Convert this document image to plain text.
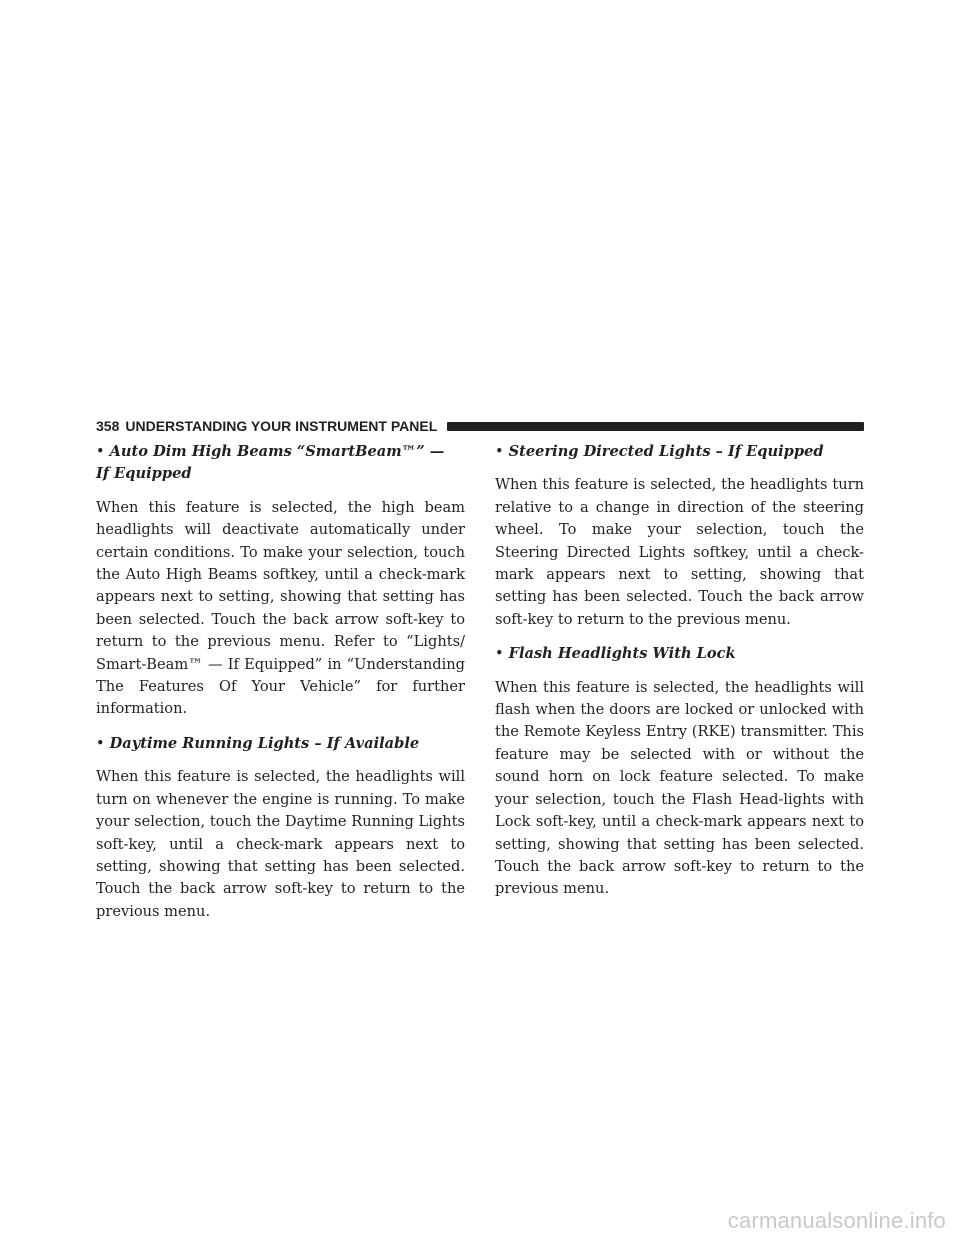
358 UNDERSTANDING YOUR INSTRUMENT PANEL
• Auto Dim High Beams “SmartBeam™” —
If Equipped

When this feature is selected, the high beam headlights will deactivate automatically under certain conditions. To make your selection, touch the Auto High Beams softkey, until a check-mark appears next to setting, showing that setting has been selected. Touch the back arrow soft-key to return to the previous menu. Refer to “Lights/ Smart-Beam™ — If Equipped” in “Understanding The Features Of Your Vehicle” for further information.

• Daytime Running Lights – If Available

When this feature is selected, the headlights will turn on whenever the engine is running. To make your selection, touch the Daytime Running Lights soft-key, until a check-mark appears next to setting, showing that setting has been selected. Touch the back arrow soft-key to return to the previous menu.

• Steering Directed Lights – If Equipped

When this feature is selected, the headlights turn relative to a change in direction of the steering wheel. To make your selection, touch the Steering Directed Lights softkey, until a check-mark appears next to setting, showing that setting has been selected. Touch the back arrow soft-key to return to the previous menu.

• Flash Headlights With Lock

When this feature is selected, the headlights will flash when the doors are locked or unlocked with the Remote Keyless Entry (RKE) transmitter. This feature may be selected with or without the sound horn on lock feature selected. To make your selection, touch the Flash Head-lights with Lock soft-key, until a check-mark appears next to setting, showing that setting has been selected. Touch the back arrow soft-key to return to the previous menu.

carmanualsonline.info
